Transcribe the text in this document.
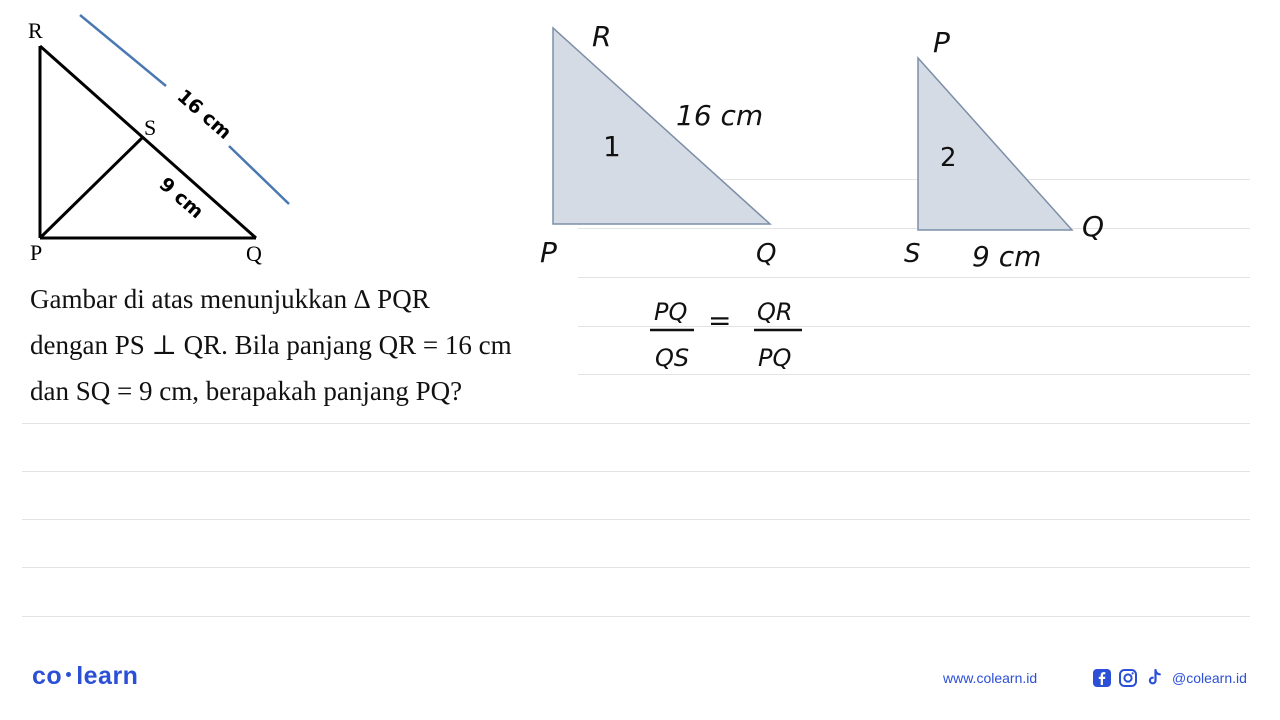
R
S
P	Q
16 cm
9 cm
R
P	Q
1
16 cm
P
S
Q
2
9 cm
PQ
QS
= QR
PQ

Gambar di atas menunjukkan ∆ PQR

dengan PS ⊥ QR. Bila panjang QR = 16 cm

dan SQ = 9 cm, berapakah panjang PQ?

co learn	www.colearn.id	@colearn.id
